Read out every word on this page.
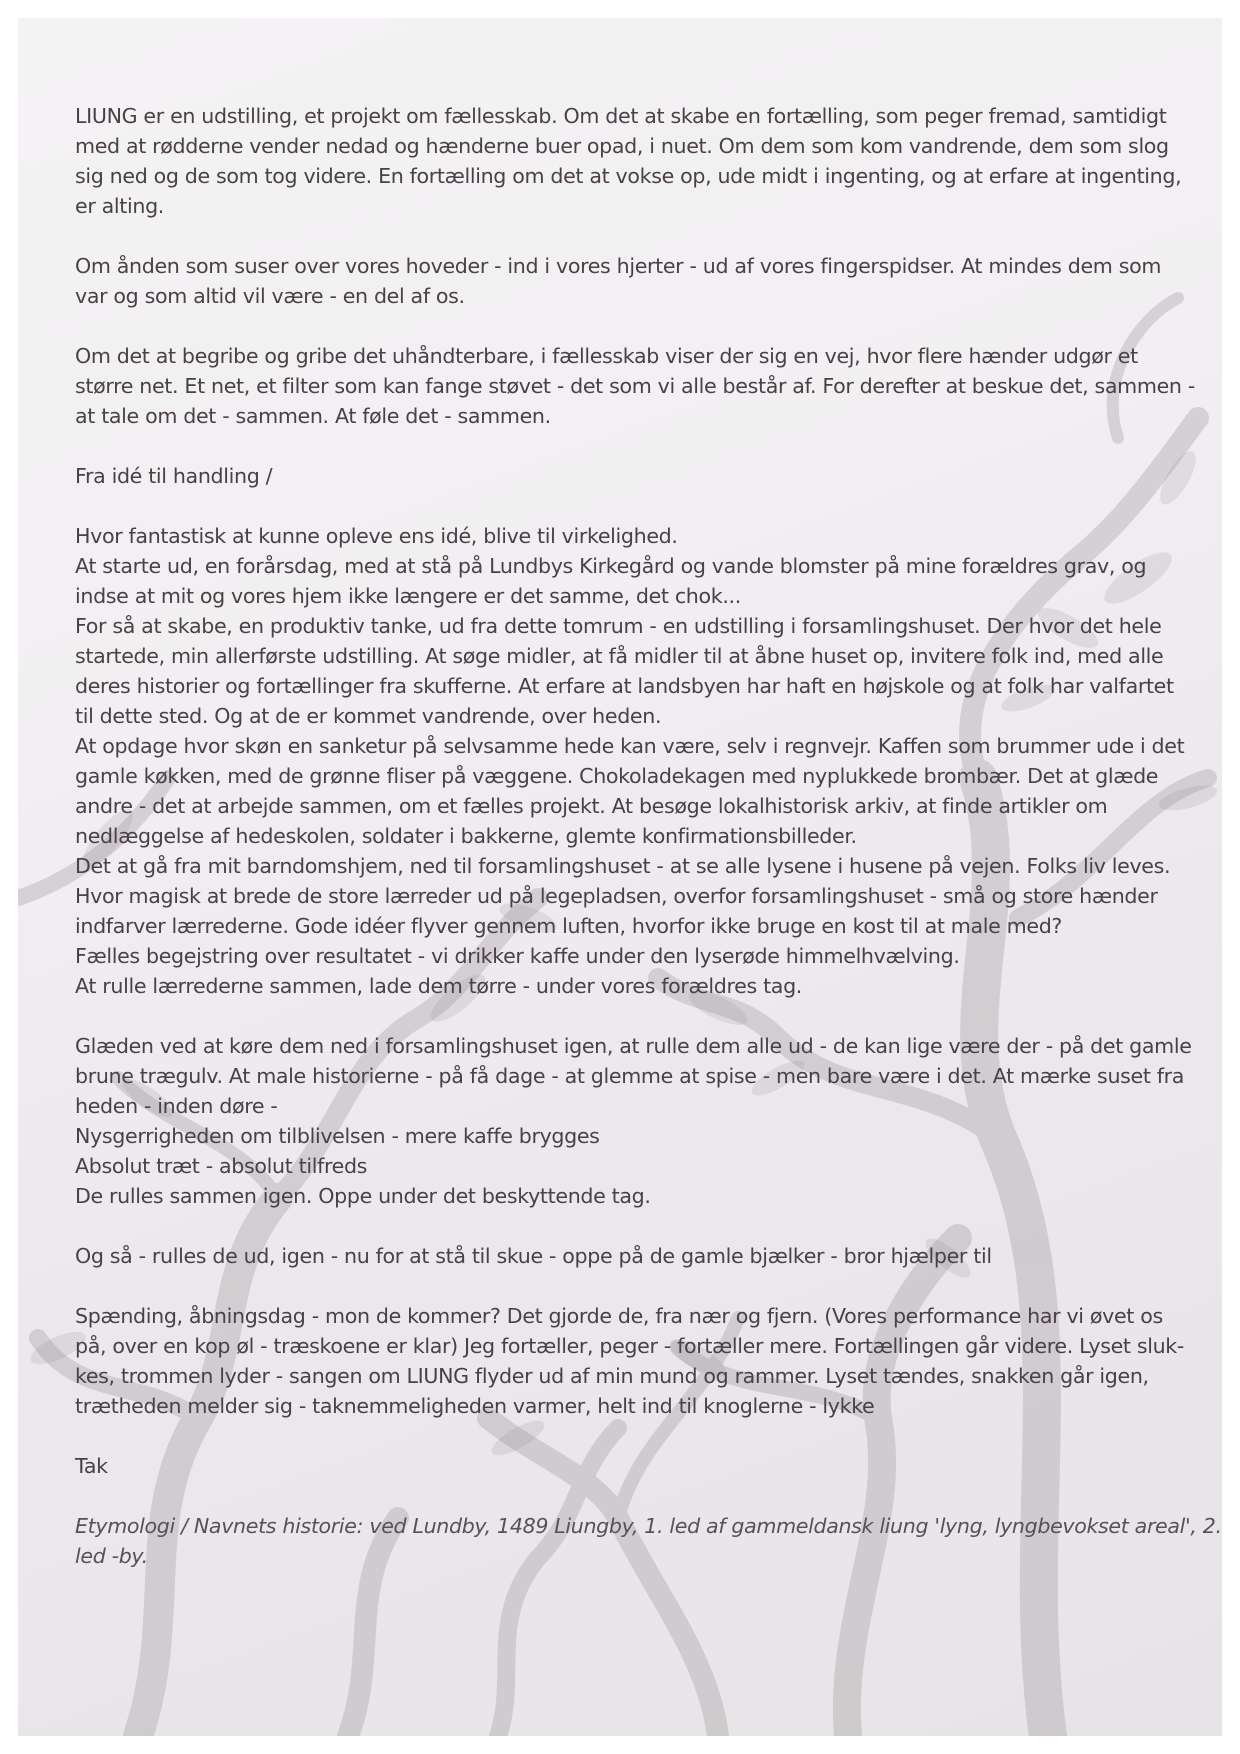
LIUNG er en udstilling, et projekt om fællesskab. Om det at skabe en fortælling, som peger fremad, samtidigt
med at rødderne vender nedad og hænderne buer opad, i nuet. Om dem som kom vandrende, dem som slog
sig ned og de som tog videre. En fortælling om det at vokse op, ude midt i ingenting, og at erfare at ingenting,
er alting.
Om ånden som suser over vores hoveder - ind i vores hjerter - ud af vores fingerspidser. At mindes dem som
var og som altid vil være - en del af os.
Om det at begribe og gribe det uhåndterbare, i fællesskab viser der sig en vej, hvor flere hænder udgør et
større net. Et net, et filter som kan fange støvet - det som vi alle består af. For derefter at beskue det, sammen -
at tale om det - sammen. At føle det - sammen.
Fra idé til handling /
Hvor fantastisk at kunne opleve ens idé, blive til virkelighed.
At starte ud, en forårsdag, med at stå på Lundbys Kirkegård og vande blomster på mine forældres grav, og
indse at mit og vores hjem ikke længere er det samme, det chok...
For så at skabe, en produktiv tanke, ud fra dette tomrum - en udstilling i forsamlingshuset. Der hvor det hele
startede, min allerførste udstilling. At søge midler, at få midler til at åbne huset op, invitere folk ind, med alle
deres historier og fortællinger fra skufferne. At erfare at landsbyen har haft en højskole og at folk har valfartet
til dette sted. Og at de er kommet vandrende, over heden.
At opdage hvor skøn en sanketur på selvsamme hede kan være, selv i regnvejr. Kaffen som brummer ude i det
gamle køkken, med de grønne fliser på væggene. Chokoladekagen med nyplukkede brombær. Det at glæde
andre - det at arbejde sammen, om et fælles projekt. At besøge lokalhistorisk arkiv, at finde artikler om
nedlæggelse af hedeskolen, soldater i bakkerne, glemte konfirmationsbilleder.
Det at gå fra mit barndomshjem, ned til forsamlingshuset - at se alle lysene i husene på vejen. Folks liv leves.
Hvor magisk at brede de store lærreder ud på legepladsen, overfor forsamlingshuset - små og store hænder
indfarver lærrederne. Gode idéer flyver gennem luften, hvorfor ikke bruge en kost til at male med?
Fælles begejstring over resultatet - vi drikker kaffe under den lyserøde himmelhvælving.
At rulle lærrederne sammen, lade dem tørre - under vores forældres tag.
Glæden ved at køre dem ned i forsamlingshuset igen, at rulle dem alle ud - de kan lige være der - på det gamle
brune trægulv. At male historierne - på få dage - at glemme at spise - men bare være i det. At mærke suset fra
heden - inden døre -
Nysgerrigheden om tilblivelsen - mere kaffe brygges
Absolut træt - absolut tilfreds
De rulles sammen igen. Oppe under det beskyttende tag.
Og så - rulles de ud, igen - nu for at stå til skue - oppe på de gamle bjælker - bror hjælper til
Spænding, åbningsdag - mon de kommer? Det gjorde de, fra nær og fjern. (Vores performance har vi øvet os
på, over en kop øl - træskoene er klar) Jeg fortæller, peger - fortæller mere. Fortællingen går videre. Lyset sluk-
kes, trommen lyder - sangen om LIUNG flyder ud af min mund og rammer. Lyset tændes, snakken går igen,
trætheden melder sig - taknemmeligheden varmer, helt ind til knoglerne - lykke
Tak
Etymologi / Navnets historie: ved Lundby, 1489 Liungby, 1. led af gammeldansk liung 'lyng, lyngbevokset areal', 2.
led -by.
